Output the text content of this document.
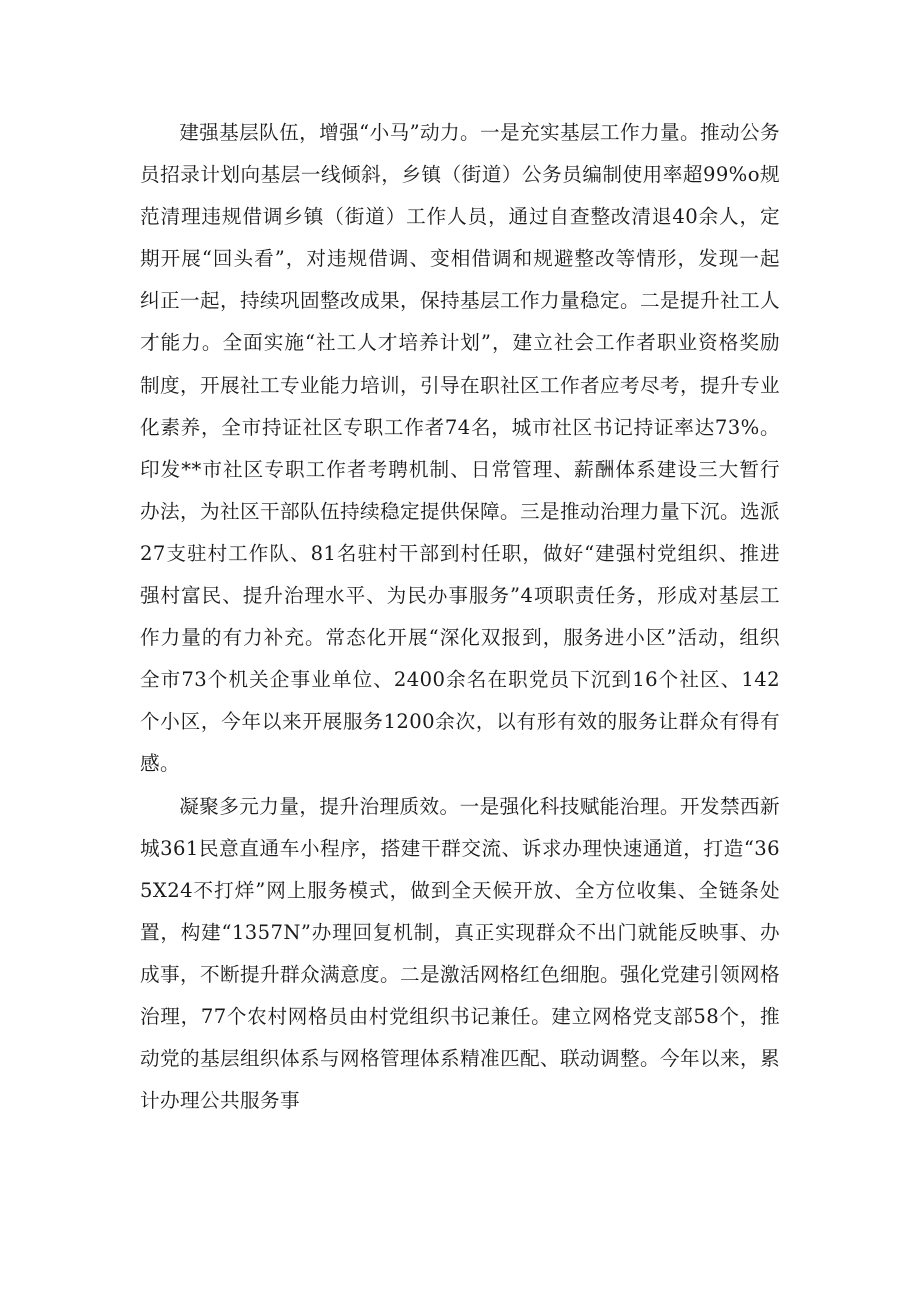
建强基层队伍，增强“小马”动力。一是充实基层工作力量。推动公务员招录计划向基层一线倾斜，乡镇（街道）公务员编制使用率超99%o规范清理违规借调乡镇（街道）工作人员，通过自查整改清退40余人，定期开展“回头看”，对违规借调、变相借调和规避整改等情形，发现一起纠正一起，持续巩固整改成果，保持基层工作力量稳定。二是提升社工人才能力。全面实施“社工人才培养计划”，建立社会工作者职业资格奖励制度，开展社工专业能力培训，引导在职社区工作者应考尽考，提升专业化素养，全市持证社区专职工作者74名，城市社区书记持证率达73%。印发**市社区专职工作者考聘机制、日常管理、薪酬体系建设三大暂行办法，为社区干部队伍持续稳定提供保障。三是推动治理力量下沉。选派27支驻村工作队、81名驻村干部到村任职，做好“建强村党组织、推进强村富民、提升治理水平、为民办事服务”4项职责任务，形成对基层工作力量的有力补充。常态化开展“深化双报到，服务进小区”活动，组织全市73个机关企事业单位、2400余名在职党员下沉到16个社区、142个小区，今年以来开展服务1200余次，以有形有效的服务让群众有得有感。

凝聚多元力量，提升治理质效。一是强化科技赋能治理。开发禁西新城361民意直通车小程序，搭建干群交流、诉求办理快速通道，打造“365X24不打烊”网上服务模式，做到全天候开放、全方位收集、全链条处置，构建“1357N”办理回复机制，真正实现群众不出门就能反映事、办成事，不断提升群众满意度。二是激活网格红色细胞。强化党建引领网格治理，77个农村网格员由村党组织书记兼任。建立网格党支部58个，推动党的基层组织体系与网格管理体系精准匹配、联动调整。今年以来，累计办理公共服务事
